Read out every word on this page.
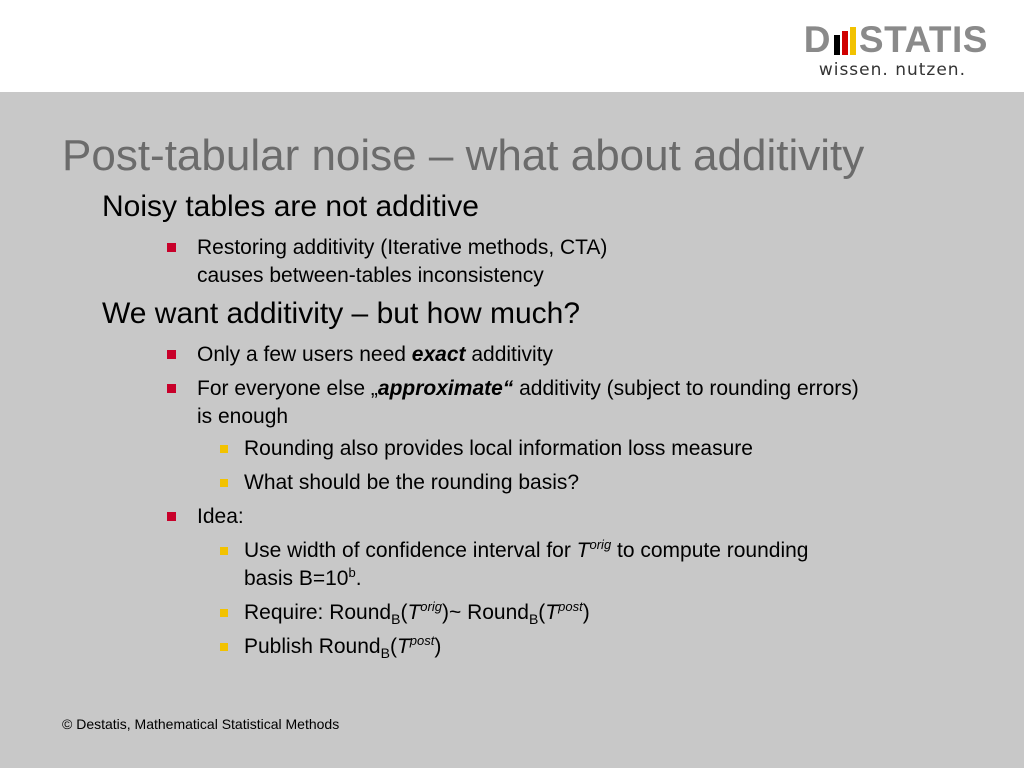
D STATIS
wissen. nutzen.
Post-tabular noise – what about additivity
Noisy tables are not additive
Restoring additivity (Iterative methods, CTA)
causes between-tables inconsistency
We want additivity – but how much?
Only a few users need exact additivity
For everyone else „approximate“ additivity (subject to rounding errors)
is enough
Rounding also provides local information loss measure
What should be the rounding basis?
Idea:
Use width of confidence interval for $T^{orig}$ to compute rounding
basis $B=10^b$.
Require: $Round_B(T^{orig})\sim$ $Round_B(T^{post})$
Publish $Round_B(T^{post})$
© Destatis, Mathematical Statistical Methods
